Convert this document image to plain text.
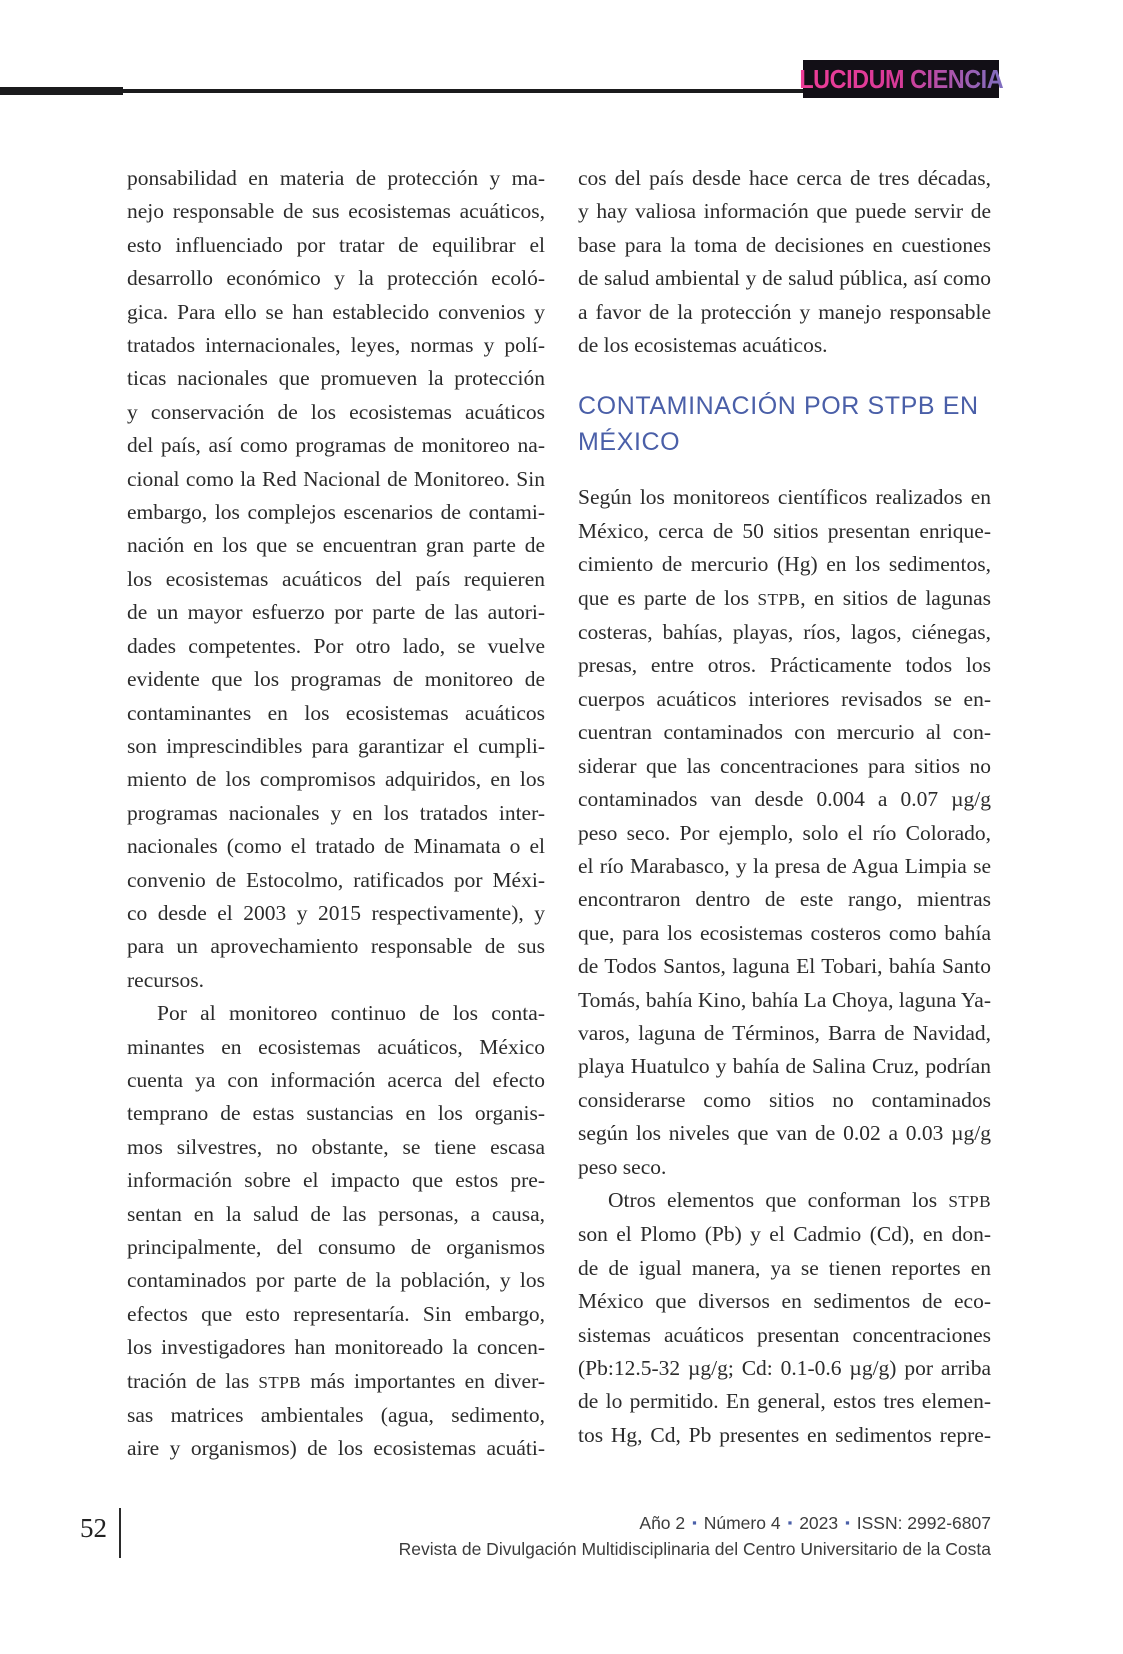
LUCIDUM CIENCIA
ponsabilidad en materia de protección y ma-
nejo responsable de sus ecosistemas acuáticos,
esto influenciado por tratar de equilibrar el
desarrollo económico y la protección ecoló-
gica. Para ello se han establecido convenios y
tratados internacionales, leyes, normas y polí-
ticas nacionales que promueven la protección
y conservación de los ecosistemas acuáticos
del país, así como programas de monitoreo na-
cional como la Red Nacional de Monitoreo. Sin
embargo, los complejos escenarios de contami-
nación en los que se encuentran gran parte de
los ecosistemas acuáticos del país requieren
de un mayor esfuerzo por parte de las autori-
dades competentes. Por otro lado, se vuelve
evidente que los programas de monitoreo de
contaminantes en los ecosistemas acuáticos
son imprescindibles para garantizar el cumpli-
miento de los compromisos adquiridos, en los
programas nacionales y en los tratados inter-
nacionales (como el tratado de Minamata o el
convenio de Estocolmo, ratificados por Méxi-
co desde el 2003 y 2015 respectivamente), y
para un aprovechamiento responsable de sus
recursos.
Por al monitoreo continuo de los conta-
minantes en ecosistemas acuáticos, México
cuenta ya con información acerca del efecto
temprano de estas sustancias en los organis-
mos silvestres, no obstante, se tiene escasa
información sobre el impacto que estos pre-
sentan en la salud de las personas, a causa,
principalmente, del consumo de organismos
contaminados por parte de la población, y los
efectos que esto representaría. Sin embargo,
los investigadores han monitoreado la concen-
tración de las STPB más importantes en diver-
sas matrices ambientales (agua, sedimento,
aire y organismos) de los ecosistemas acuáti-
cos del país desde hace cerca de tres décadas,
y hay valiosa información que puede servir de
base para la toma de decisiones en cuestiones
de salud ambiental y de salud pública, así como
a favor de la protección y manejo responsable
de los ecosistemas acuáticos.
CONTAMINACIÓN POR STPB EN
MÉXICO
Según los monitoreos científicos realizados en
México, cerca de 50 sitios presentan enrique-
cimiento de mercurio (Hg) en los sedimentos,
que es parte de los STPB, en sitios de lagunas
costeras, bahías, playas, ríos, lagos, ciénegas,
presas, entre otros. Prácticamente todos los
cuerpos acuáticos interiores revisados se en-
cuentran contaminados con mercurio al con-
siderar que las concentraciones para sitios no
contaminados van desde 0.004 a 0.07 µg/g
peso seco. Por ejemplo, solo el río Colorado,
el río Marabasco, y la presa de Agua Limpia se
encontraron dentro de este rango, mientras
que, para los ecosistemas costeros como bahía
de Todos Santos, laguna El Tobari, bahía Santo
Tomás, bahía Kino, bahía La Choya, laguna Ya-
varos, laguna de Términos, Barra de Navidad,
playa Huatulco y bahía de Salina Cruz, podrían
considerarse como sitios no contaminados
según los niveles que van de 0.02 a 0.03 µg/g
peso seco.
Otros elementos que conforman los STPB
son el Plomo (Pb) y el Cadmio (Cd), en don-
de de igual manera, ya se tienen reportes en
México que diversos en sedimentos de eco-
sistemas acuáticos presentan concentraciones
(Pb:12.5-32 µg/g; Cd: 0.1-0.6 µg/g) por arriba
de lo permitido. En general, estos tres elemen-
tos Hg, Cd, Pb presentes en sedimentos repre-
52	Año 2 ▪ Número 4 ▪ 2023 ▪ ISSN: 2992-6807
Revista de Divulgación Multidisciplinaria del Centro Universitario de la Costa
